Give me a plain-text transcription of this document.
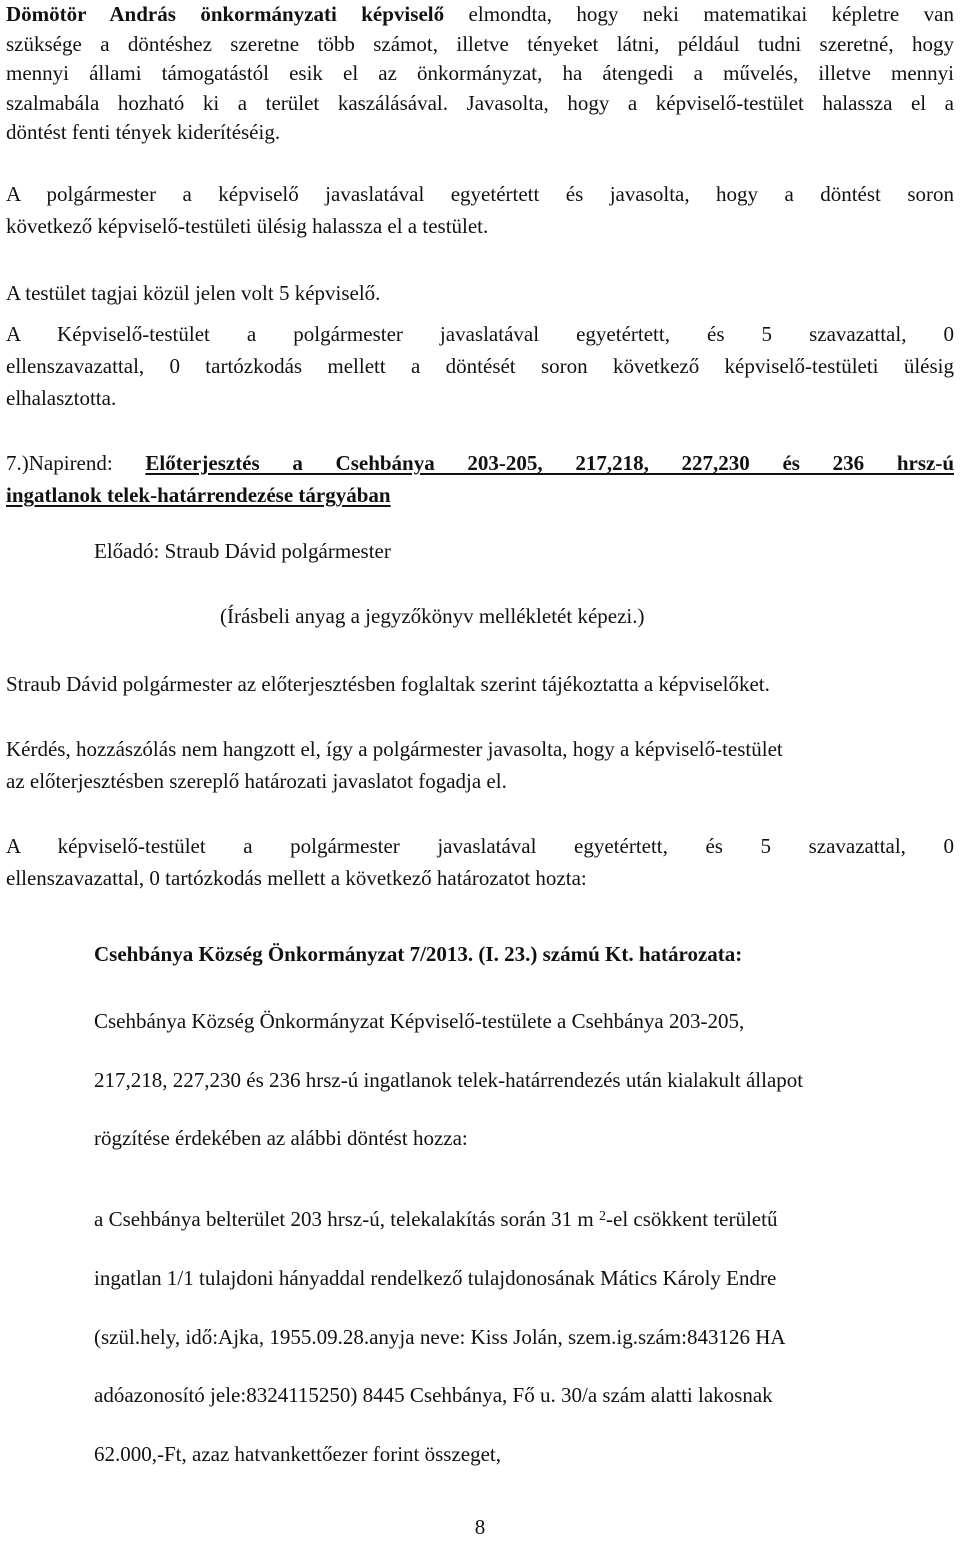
Dömötör András önkormányzati képviselő elmondta, hogy neki matematikai képletre van
szüksége a döntéshez szeretne több számot, illetve tényeket látni, például tudni szeretné, hogy
mennyi állami támogatástól esik el az önkormányzat, ha átengedi a művelés, illetve mennyi
szalmabála hozható ki a terület kaszálásával. Javasolta, hogy a képviselő-testület halassza el a
döntést fenti tények kiderítéséig.
A polgármester a képviselő javaslatával egyetértett és javasolta, hogy a döntést soron
következő képviselő-testületi ülésig halassza el a testület.
A testület tagjai közül jelen volt 5 képviselő.
A Képviselő-testület a polgármester javaslatával egyetértett, és 5 szavazattal, 0
ellenszavazattal, 0 tartózkodás mellett a döntését soron következő képviselő-testületi ülésig
elhalasztotta.
7.)Napirend: Előterjesztés a Csehbánya 203-205, 217,218, 227,230 és 236 hrsz-ú
ingatlanok telek-határrendezése tárgyában
Előadó: Straub Dávid polgármester
(Írásbeli anyag a jegyzőkönyv mellékletét képezi.)
Straub Dávid polgármester az előterjesztésben foglaltak szerint tájékoztatta a képviselőket.
Kérdés, hozzászólás nem hangzott el, így a polgármester javasolta, hogy a képviselő-testület
az előterjesztésben szereplő határozati javaslatot fogadja el.
A képviselő-testület a polgármester javaslatával egyetértett, és 5 szavazattal, 0
ellenszavazattal, 0 tartózkodás mellett a következő határozatot hozta:
Csehbánya Község Önkormányzat 7/2013. (I. 23.) számú Kt. határozata:
Csehbánya Község Önkormányzat Képviselő-testülete a Csehbánya 203-205,
217,218, 227,230 és 236 hrsz-ú ingatlanok telek-határrendezés után kialakult állapot
rögzítése érdekében az alábbi döntést hozza:
a Csehbánya belterület 203 hrsz-ú, telekalakítás során 31 m $^2$-el csökkent területű
ingatlan 1/1 tulajdoni hányaddal rendelkező tulajdonosának Mátics Károly Endre
(szül.hely, idő:Ajka, 1955.09.28.anyja neve: Kiss Jolán, szem.ig.szám:843126 HA
adóazonosító jele:8324115250) 8445 Csehbánya, Fő u. 30/a szám alatti lakosnak
62.000,-Ft, azaz hatvankettőezer forint összeget,
8
